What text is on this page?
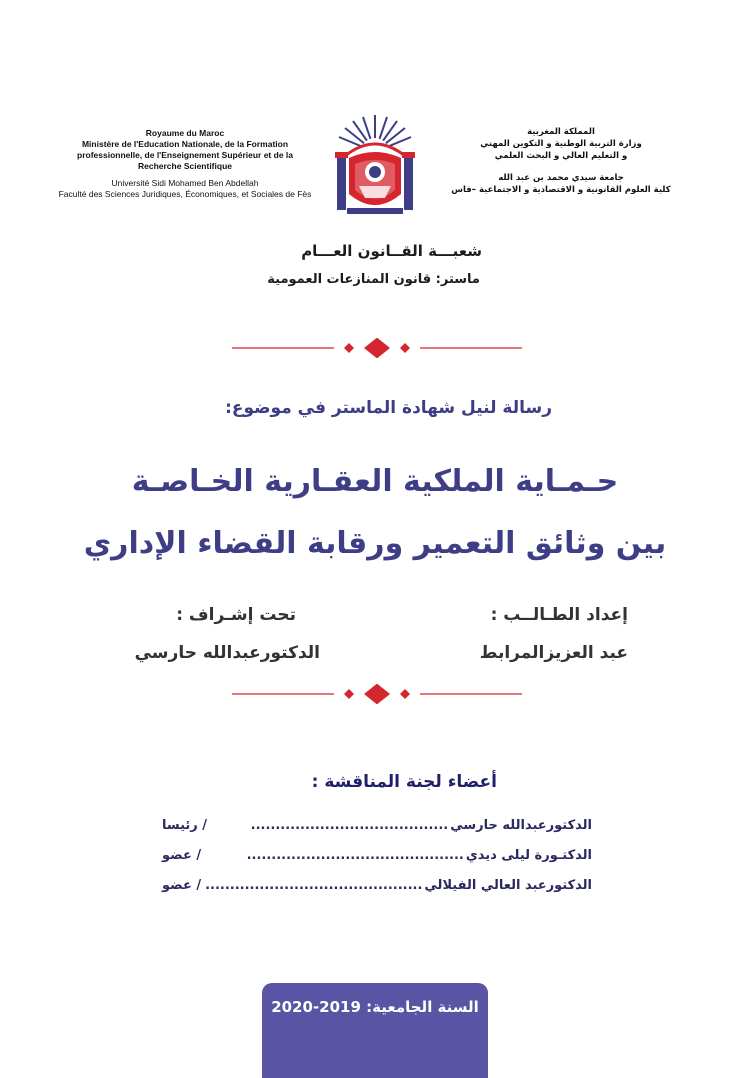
Royaume du Maroc
Ministère de l'Education Nationale, de la Formation
professionnelle, de l'Enseignement Supérieur et de la
Recherche Scientifique
Université Sidi Mohamed Ben Abdellah
Faculté des Sciences Juridiques, Économiques, et Sociales de Fès
المملكة المغربية
وزارة التربية الوطنية و التكوين المهني
و التعليم العالي و البحث العلمي
جامعة سيدي محمد بن عبد الله
كلية العلوم القانونية و الاقتصادية و الاجتماعية –فاس
شعبـــة القــانون العـــام
ماستر: قانون المنازعات العمومية
رسالة لنيل شهادة الماستر في موضوع:
حـمـاية الملكية العقـارية الخـاصـة
بين وثائق التعمير ورقابة القضاء الإداري
إعداد الطـالــب :
عبد العزيزالمرابط
تحت إشـراف :
الدكتورعبدالله حارسي
أعضاء لجنة المناقشة :
الدكتورعبدالله حارسي
........................................
/ رئيسا
الدكتـورة ليلى ديدي
............................................
/ عضو
الدكتورعبد العالي الفيلالي
............................................
/ عضو
السنة الجامعية: 2019-2020
